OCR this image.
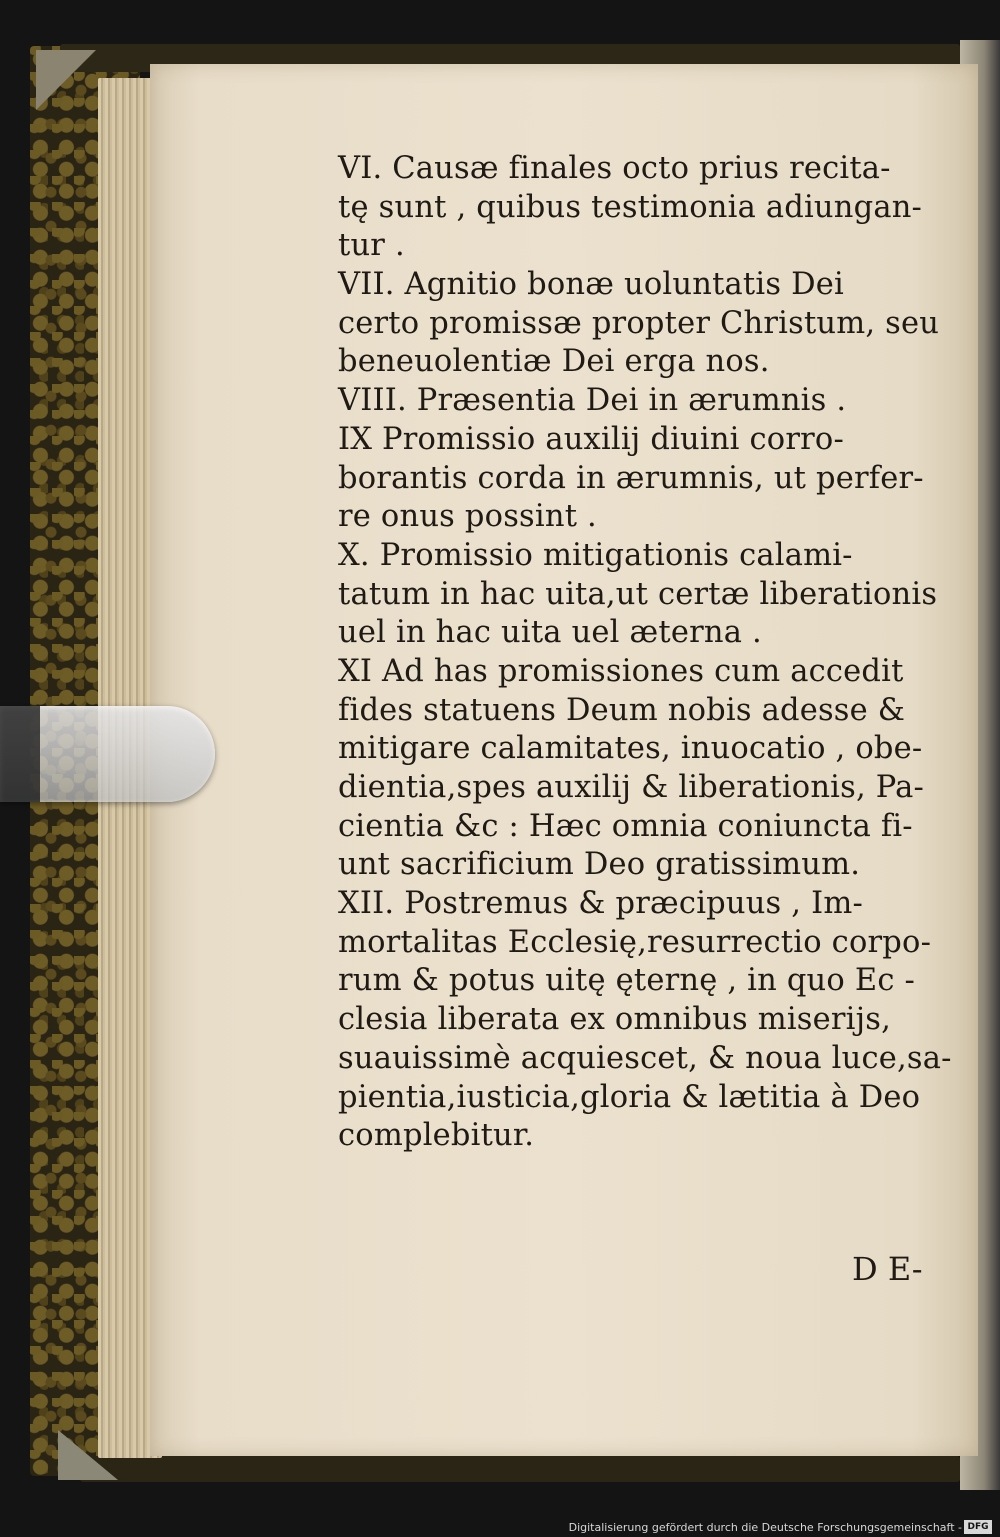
VI. Causæ finales octo prius recita-
tę sunt , quibus testimonia adiungan-
tur .
VII. Agnitio bonæ uoluntatis Dei
certo promissæ propter Christum, seu
beneuolentiæ Dei erga nos.
VIII. Præsentia Dei in ærumnis .
IX Promissio auxilij diuini corro-
borantis corda in ærumnis, ut perfer-
re onus possint .
X. Promissio mitigationis calami-
tatum in hac uita,ut certæ liberationis
uel in hac uita uel æterna .
XI Ad has promissiones cum accedit
fides statuens Deum nobis adesse &
mitigare calamitates, inuocatio , obe-
dientia,spes auxilij & liberationis, Pa-
cientia &c : Hæc omnia coniuncta fi-
unt sacrificium Deo gratissimum.
XII. Postremus & præcipuus , Im-
mortalitas Ecclesię,resurrectio corpo-
rum & potus uitę ęternę , in quo Ec -
clesia liberata ex omnibus miserijs,
suauissimè acquiescet, & noua luce,sa-
pientia,iusticia,gloria & lætitia à Deo
complebitur.
D E-
Digitalisierung gefördert durch die Deutsche Forschungsgemeinschaft - DFG
